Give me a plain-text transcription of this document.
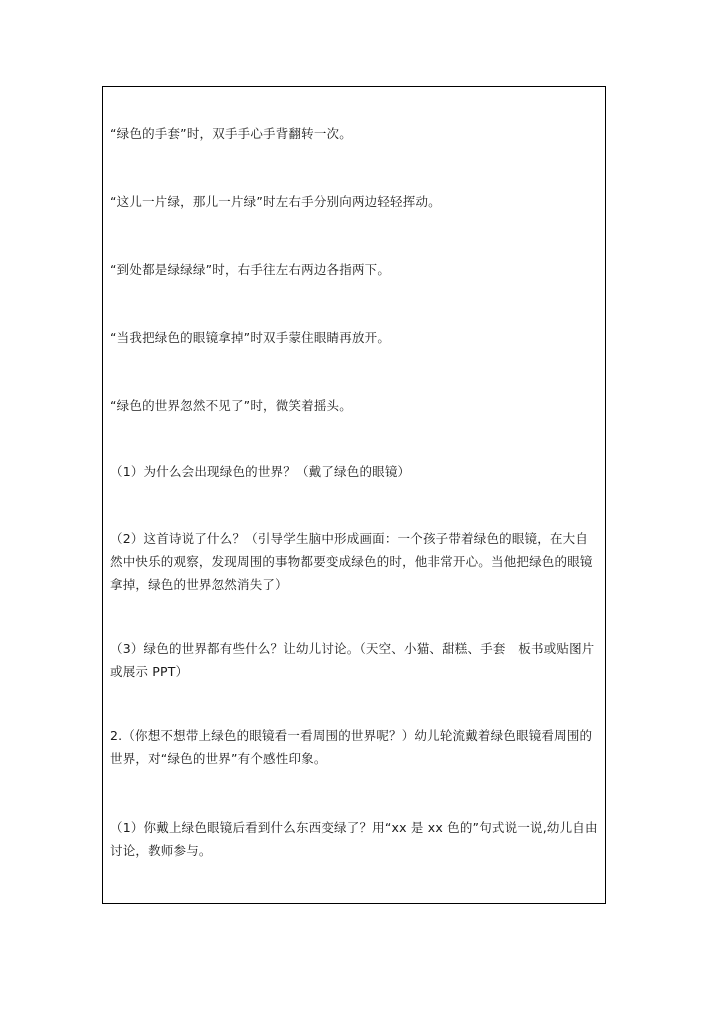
“绿色的手套”时，双手手心手背翻转一次。

“这儿一片绿，那儿一片绿”时左右手分别向两边轻轻挥动。

“到处都是绿绿绿”时，右手往左右两边各指两下。

“当我把绿色的眼镜拿掉”时双手蒙住眼睛再放开。

“绿色的世界忽然不见了”时，微笑着摇头。

（1）为什么会出现绿色的世界？（戴了绿色的眼镜）

（2）这首诗说了什么？（引导学生脑中形成画面：一个孩子带着绿色的眼镜，在大自然中快乐的观察，发现周围的事物都要变成绿色的时，他非常开心。当他把绿色的眼镜拿掉，绿色的世界忽然消失了）

（3）绿色的世界都有些什么？让幼儿讨论。（天空、小猫、甜糕、手套　板书或贴图片或展示 PPT）

2.（你想不想带上绿色的眼镜看一看周围的世界呢？）幼儿轮流戴着绿色眼镜看周围的世界，对“绿色的世界”有个感性印象。

（1）你戴上绿色眼镜后看到什么东西变绿了？用“xx 是 xx 色的”句式说一说,幼儿自由讨论，教师参与。
